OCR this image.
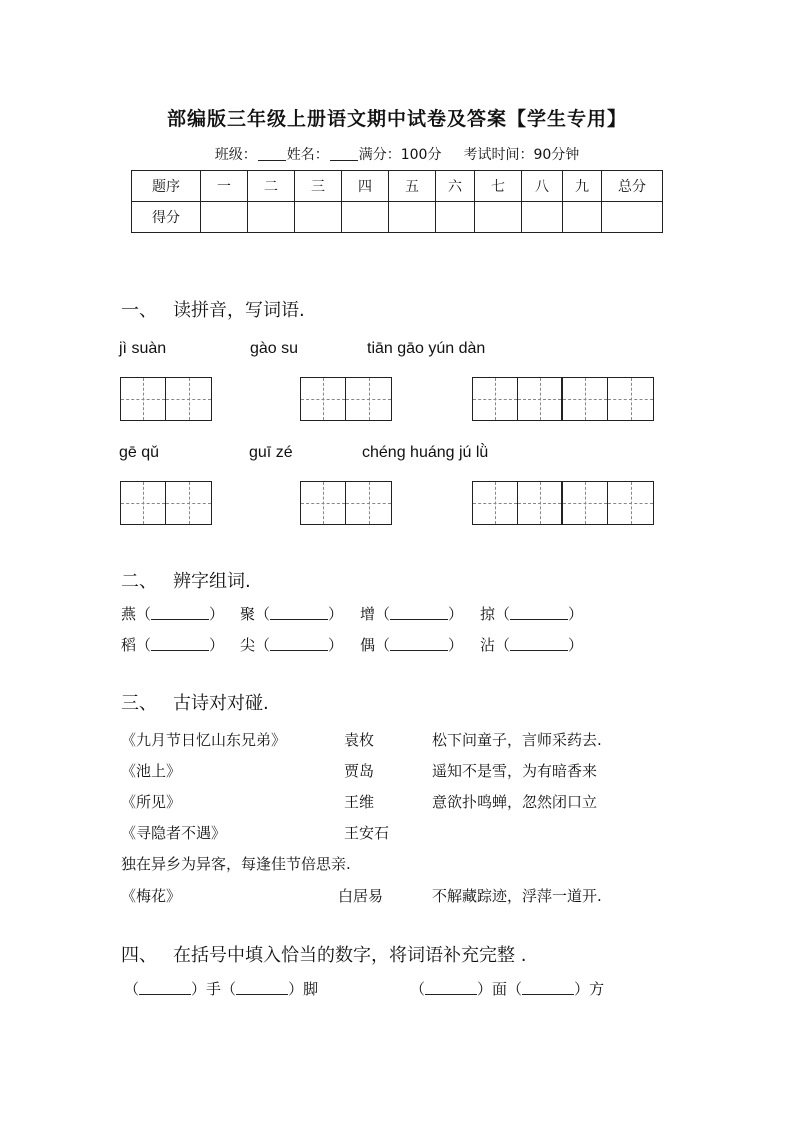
部编版三年级上册语文期中试卷及答案【学生专用】
班级： 姓名： 满分：100分 考试时间：90分钟
题序	一	二	三	四	五	六	七	八	九	总分
得分										
一、 读拼音，写词语.
jì suàn	gào su	tiān gāo yún dàn
gē qǔ	guī zé	chéng huáng jú lǜ
二、 辨字组词.
燕（	） 聚（	） 增（	） 掠（	）
稻（	） 尖（	） 偶（	） 沾（	）
三、 古诗对对碰.
《九月节日忆山东兄弟》	袁枚	松下问童子，言师采药去.
《池上》	贾岛	遥知不是雪，为有暗香来
《所见》	王维	意欲扑鸣蝉，忽然闭口立
《寻隐者不遇》	王安石
独在异乡为异客，每逢佳节倍思亲.
《梅花》	白居易	不解藏踪迹，浮萍一道开.
四、 在括号中填入恰当的数字，将词语补充完整 .
（	）手（	）脚	（	）面（	）方
